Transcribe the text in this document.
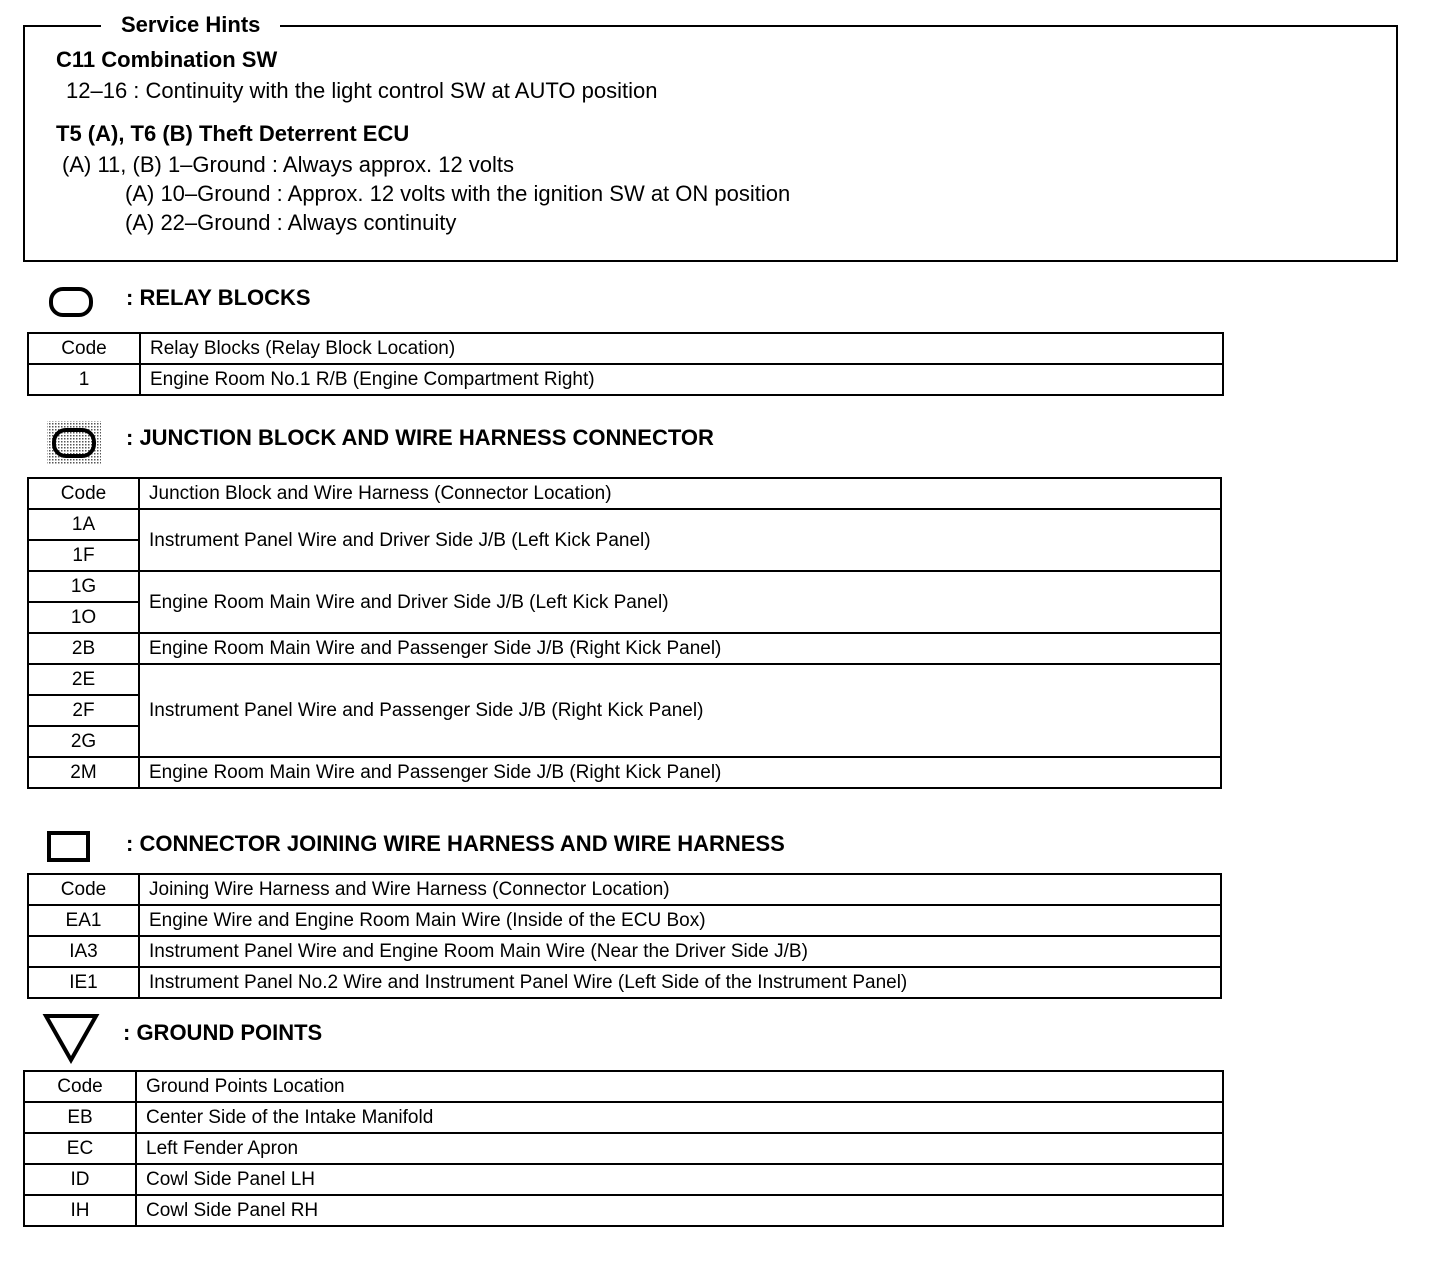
Service Hints
C11 Combination SW
12–16 : Continuity with the light control SW at AUTO position
T5 (A), T6 (B) Theft Deterrent ECU
(A) 11, (B) 1–Ground : Always approx. 12 volts
(A) 10–Ground : Approx. 12 volts with the ignition SW at ON position
(A) 22–Ground : Always continuity
: RELAY BLOCKS
Code	Relay Blocks (Relay Block Location)
1	Engine Room No.1 R/B (Engine Compartment Right)
: JUNCTION BLOCK AND WIRE HARNESS CONNECTOR
Code	Junction Block and Wire Harness (Connector Location)
1A	Instrument Panel Wire and Driver Side J/B (Left Kick Panel)
1F	
1G	Engine Room Main Wire and Driver Side J/B (Left Kick Panel)
1O	
2B	Engine Room Main Wire and Passenger Side J/B (Right Kick Panel)
2E	Instrument Panel Wire and Passenger Side J/B (Right Kick Panel)
2F	
2G	
2M	Engine Room Main Wire and Passenger Side J/B (Right Kick Panel)
: CONNECTOR JOINING WIRE HARNESS AND WIRE HARNESS
Code	Joining Wire Harness and Wire Harness (Connector Location)
EA1	Engine Wire and Engine Room Main Wire (Inside of the ECU Box)
IA3	Instrument Panel Wire and Engine Room Main Wire (Near the Driver Side J/B)
IE1	Instrument Panel No.2 Wire and Instrument Panel Wire (Left Side of the Instrument Panel)
: GROUND POINTS
Code	Ground Points Location
EB	Center Side of the Intake Manifold
EC	Left Fender Apron
ID	Cowl Side Panel LH
IH	Cowl Side Panel RH
